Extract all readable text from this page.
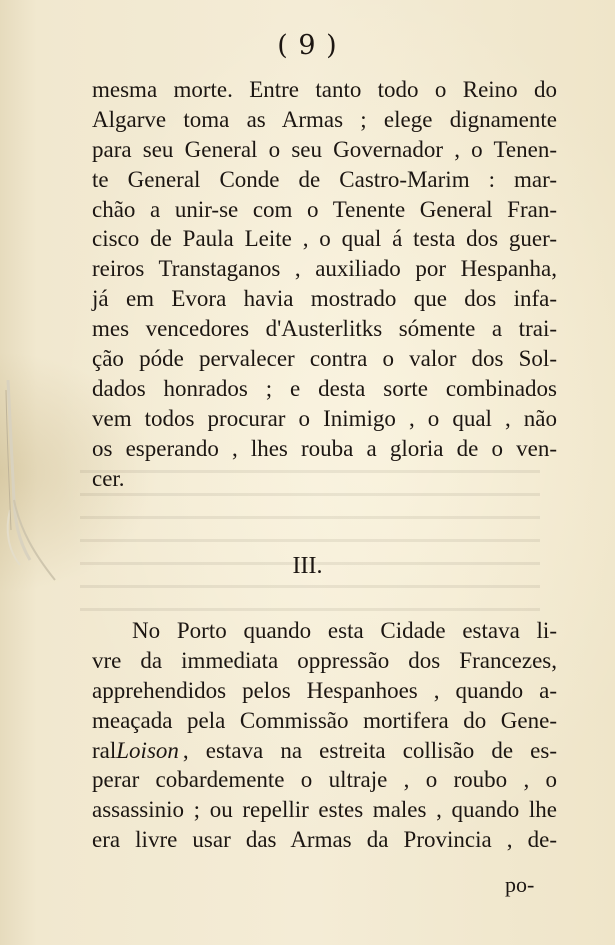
( 9 )

mesma morte. Entre tanto todo o Reino do
Algarve toma as Armas ; elege dignamente
para seu General o seu Governador , o Tenen-
te General Conde de Castro-Marim : mar-
chão a unir-se com o Tenente General Fran-
cisco de Paula Leite , o qual á testa dos guer-
reiros Transtaganos , auxiliado por Hespanha,
já em Evora havia mostrado que dos infa-
mes vencedores d'Austerlitks sómente a trai-
ção póde pervalecer contra o valor dos Sol-
dados honrados ; e desta sorte combinados
vem todos procurar o Inimigo , o qual , não
os esperando , lhes rouba a gloria de o ven-
cer.

III.

No Porto quando esta Cidade estava li-
vre da immediata oppressão dos Francezes,
apprehendidos pelos Hespanhoes , quando a-
meaçada pela Commissão mortifera do Gene-
ral Loison , estava na estreita collisão de es-
perar cobardemente o ultraje , o roubo , o
assassinio ; ou repellir estes males , quando lhe
era livre usar das Armas da Provincia , de-

po-
